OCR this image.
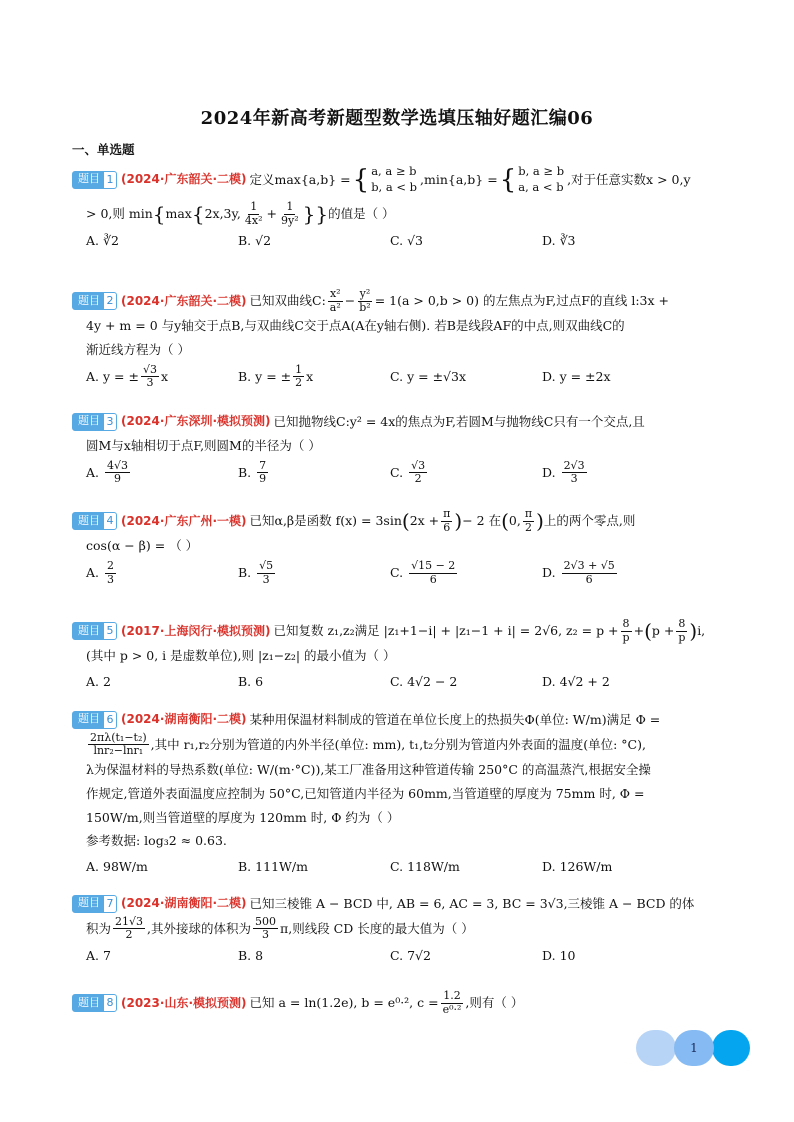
2024年新高考新题型数学选填压轴好题汇编06
一、单选题
题目 1 (2024·广东韶关·二模) 定义max{a,b} = { a, a ≥ b
b, a < b ,min{a,b} = { b, a ≥ b
a, a < b ,对于任意实数x > 0,y
> 0,则 min { max { 2x,3y, $\frac{1}{\text{4x²}} + \frac{1}{\text{9y²}}$ }} 的值是（ ）
A. ∛2	B. √2	C. √3	D. ∛3
题目 2 (2024·广东韶关·二模) 已知双曲线C: $\frac{\text{x²}}{\text{a²}} - \frac{\text{y²}}{\text{b²}} = 1(a > 0,b > 0)$ 的左焦点为F,过点F的直线 l:3x +
4y + m = 0 与y轴交于点B,与双曲线C交于点A(A在y轴右侧). 若B是线段AF的中点,则双曲线C的
渐近线方程为（ ）
A. y = ± $\frac{√3}{3}$ x	B. y = ± $\frac{1}{2}$ x	C. y = ±√3x	D. y = ±2x
题目 3 (2024·广东深圳·模拟预测) 已知抛物线C:y² = 4x的焦点为F,若圆M与抛物线C只有一个交点,且
圆M与x轴相切于点F,则圆M的半径为（ ）
A. $\frac{4√3}{9}$	B. $\frac{7}{9}$	C. $\frac{√3}{2}$	D. $\frac{2√3}{3}$
题目 4 (2024·广东广州·一模) 已知α,β是函数 f(x) = 3sin ( $2x + \frac{\pi}{6}$ ) − 2 在 ( 0, $\frac{\pi}{2}$ ) 上的两个零点,则
cos(α − β) = （ ）
A. $\frac{2}{3}$	B. $\frac{√5}{3}$	C. $\frac{√15 - 2}{6}$	D. $\frac{2√3 + √5}{6}$
题目 5 (2017·上海闵行·模拟预测) 已知复数 z₁,z₂满足 |z₁+1−i| + |z₁−1 + i| = 2√6, $z_2 = p + \frac{8}{p}$ + ( $p + \frac{8}{p}$ ) i,
(其中 p > 0, i 是虚数单位),则 |z₁−z₂| 的最小值为（ ）
A. 2	B. 6	C. 4√2 − 2	D. 4√2 + 2
题目 6 (2024·湖南衡阳·二模) 某种用保温材料制成的管道在单位长度上的热损失Φ(单位: W/m)满足 Φ =
$\frac{\text{2πλ(t₁−t₂)}}{\text{lnr₂−lnr₁}}$ ,其中 r₁,r₂分别为管道的内外半径(单位: mm), t₁,t₂分别为管道内外表面的温度(单位: °C),
λ为保温材料的导热系数(单位: W/(m·°C)),某工厂准备用这种管道传输 250°C 的高温蒸汽,根据安全操
作规定,管道外表面温度应控制为 50°C,已知管道内半径为 60mm,当管道壁的厚度为 75mm 时, Φ =
150W/m,则当管道壁的厚度为 120mm 时, Φ 约为（ ）
参考数据: log₃2 ≈ 0.63.
A. 98W/m	B. 111W/m	C. 118W/m	D. 126W/m
题目 7 (2024·湖南衡阳·二模) 已知三棱锥 A − BCD 中, AB = 6, AC = 3, BC = 3√3,三棱锥 A − BCD 的体
积为 $\frac{21√3}{2}$ ,其外接球的体积为 $\frac{500}{3} \pi$,则线段 CD 长度的最大值为（ ）
A. 7	B. 8	C. 7√2	D. 10
题目 8 (2023·山东·模拟预测) 已知 a = ln(1.2e), b = e⁰·², $c = \frac{1.2}{\text{e⁰·²}}$ ,则有（ ）
1
